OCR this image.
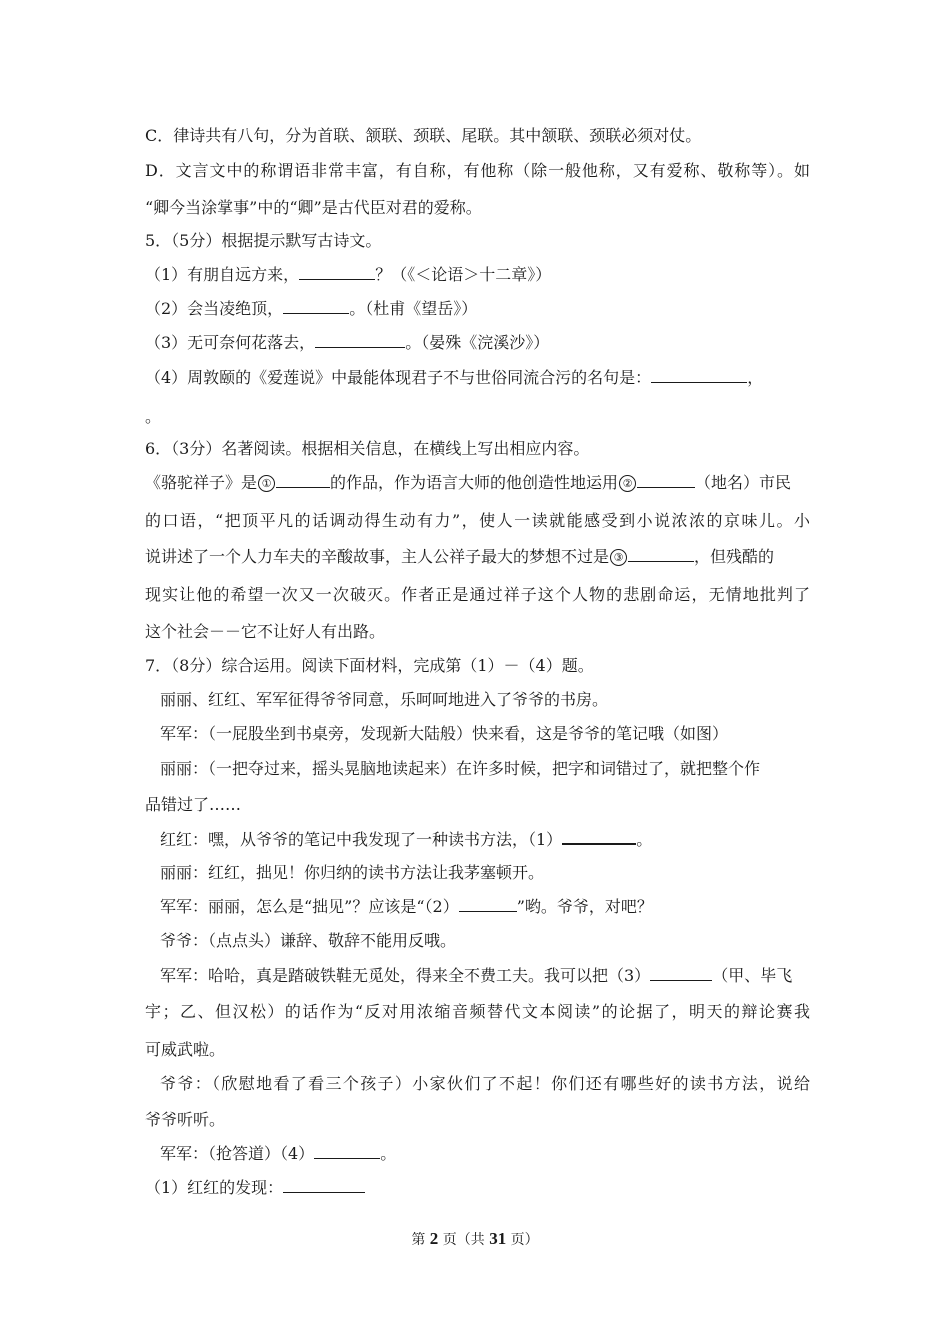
C．律诗共有八句，分为首联、颔联、颈联、尾联。其中颔联、颈联必须对仗。
D．文言文中的称谓语非常丰富，有自称，有他称（除一般他称，又有爱称、敬称等）。如
“卿今当涂掌事”中的“卿”是古代臣对君的爱称。
5．（5分）根据提示默写古诗文。
（1）有朋自远方来，	？（《＜论语＞十二章》）
（2）会当凌绝顶，	。（杜甫《望岳》）
（3）无可奈何花落去，	。（晏殊《浣溪沙》）
（4）周敦颐的《爱莲说》中最能体现君子不与世俗同流合污的名句是：	，
。
6．（3分）名著阅读。根据相关信息，在横线上写出相应内容。
《骆驼祥子》是 ①	的作品，作为语言大师的他创造性地运用 ②	（地名）市民
的口语，“把顶平凡的话调动得生动有力”，使人一读就能感受到小说浓浓的京味儿。小
说讲述了一个人力车夫的辛酸故事，主人公祥子最大的梦想不过是 ③	，但残酷的
现实让他的希望一次又一次破灭。作者正是通过祥子这个人物的悲剧命运，无情地批判了
这个社会－－它不让好人有出路。
7．（8分）综合运用。阅读下面材料，完成第（1）－（4）题。
丽丽、红红、军军征得爷爷同意，乐呵呵地进入了爷爷的书房。
军军：（一屁股坐到书桌旁，发现新大陆般）快来看，这是爷爷的笔记哦（如图）
丽丽：（一把夺过来，摇头晃脑地读起来）在许多时候，把字和词错过了，就把整个作
品错过了……
红红：嘿，从爷爷的笔记中我发现了一种读书方法，（1）	。
丽丽：红红，拙见！你归纳的读书方法让我茅塞顿开。
军军：丽丽，怎么是“拙见”？应该是“（2）	”哟。爷爷，对吧？
爷爷：（点点头）谦辞、敬辞不能用反哦。
军军：哈哈，真是踏破铁鞋无觅处，得来全不费工夫。我可以把（3）	（甲、毕飞
宇；乙、但汉松）的话作为“反对用浓缩音频替代文本阅读”的论据了，明天的辩论赛我
可威武啦。
爷爷：（欣慰地看了看三个孩子）小家伙们了不起！你们还有哪些好的读书方法，说给
爷爷听听。
军军：（抢答道）（4）	。
（1）红红的发现：
第 2 页（共 31 页）
